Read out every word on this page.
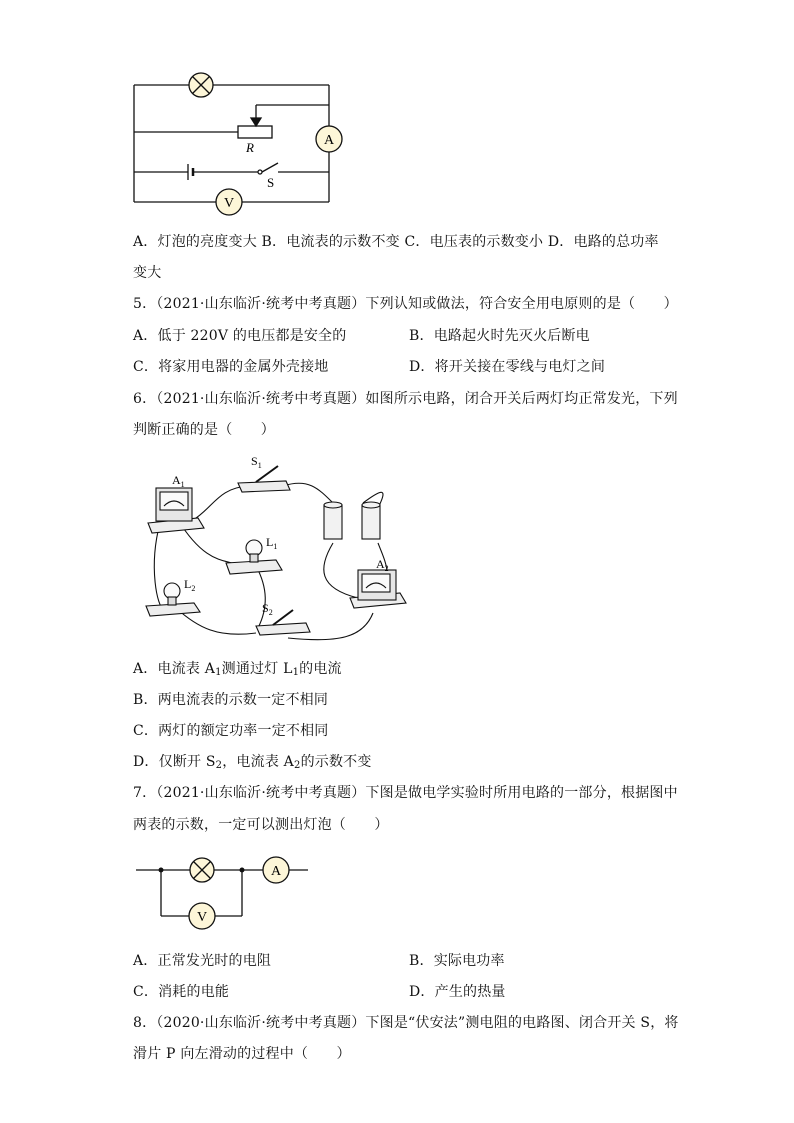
R
S
A
V
A．灯泡的亮度变大 B．电流表的示数不变 C．电压表的示数变小 D．电路的总功率
变大
5．（2021·山东临沂·统考中考真题）下列认知或做法，符合安全用电原则的是（　　）
A．低于 220V 的电压都是安全的	B．电路起火时先灭火后断电
C．将家用电器的金属外壳接地	D．将开关接在零线与电灯之间
6．（2021·山东临沂·统考中考真题）如图所示电路，闭合开关后两灯均正常发光，下列
判断正确的是（　　）
$A_1$
$S_1$
$L_1$
$L_2$
$A_2$
$S_2$
A．电流表 $A_1$测通过灯 $L_1$的电流
B．两电流表的示数一定不相同
C．两灯的额定功率一定不相同
D．仅断开 $S_2$，电流表 $A_2$的示数不变
7．（2021·山东临沂·统考中考真题）下图是做电学实验时所用电路的一部分，根据图中
两表的示数，一定可以测出灯泡（　　）
A
V
A．正常发光时的电阻	B．实际电功率
C．消耗的电能	D．产生的热量
8．（2020·山东临沂·统考中考真题）下图是“伏安法”测电阻的电路图、闭合开关 S，将
滑片 P 向左滑动的过程中（　　）
